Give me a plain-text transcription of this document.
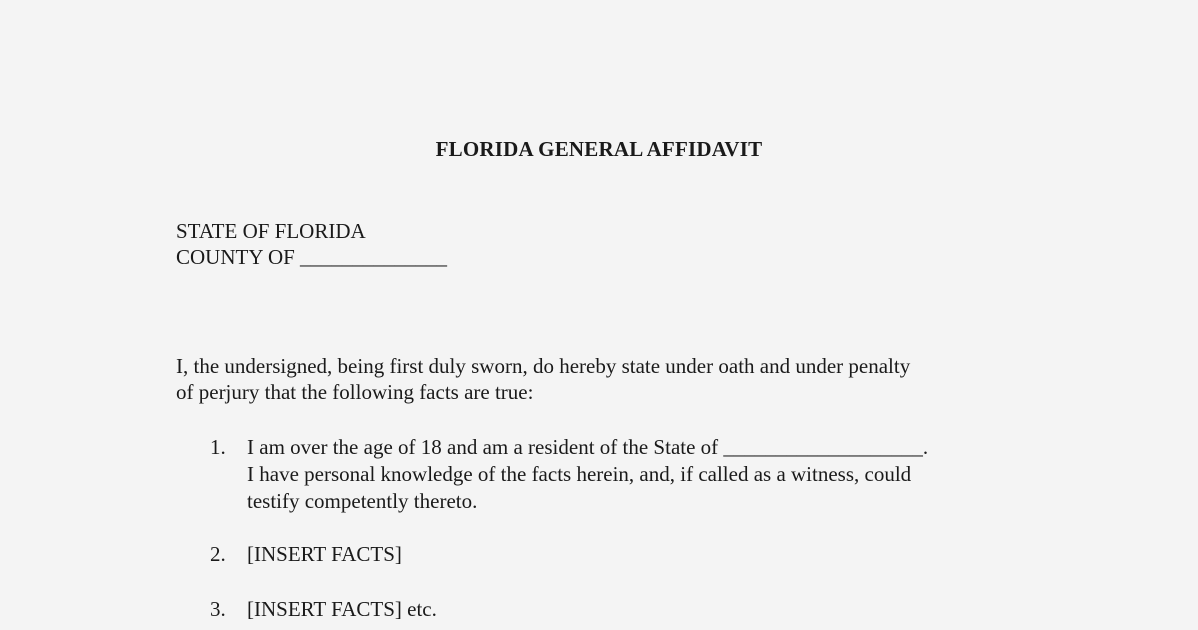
FLORIDA GENERAL AFFIDAVIT
STATE OF FLORIDA
COUNTY OF ______________
I, the undersigned, being first duly sworn, do hereby state under oath and under penalty
of perjury that the following facts are true:
1. I am over the age of 18 and am a resident of the State of ___________________.
I have personal knowledge of the facts herein, and, if called as a witness, could
testify competently thereto.
2. [INSERT FACTS]
3. [INSERT FACTS] etc.
